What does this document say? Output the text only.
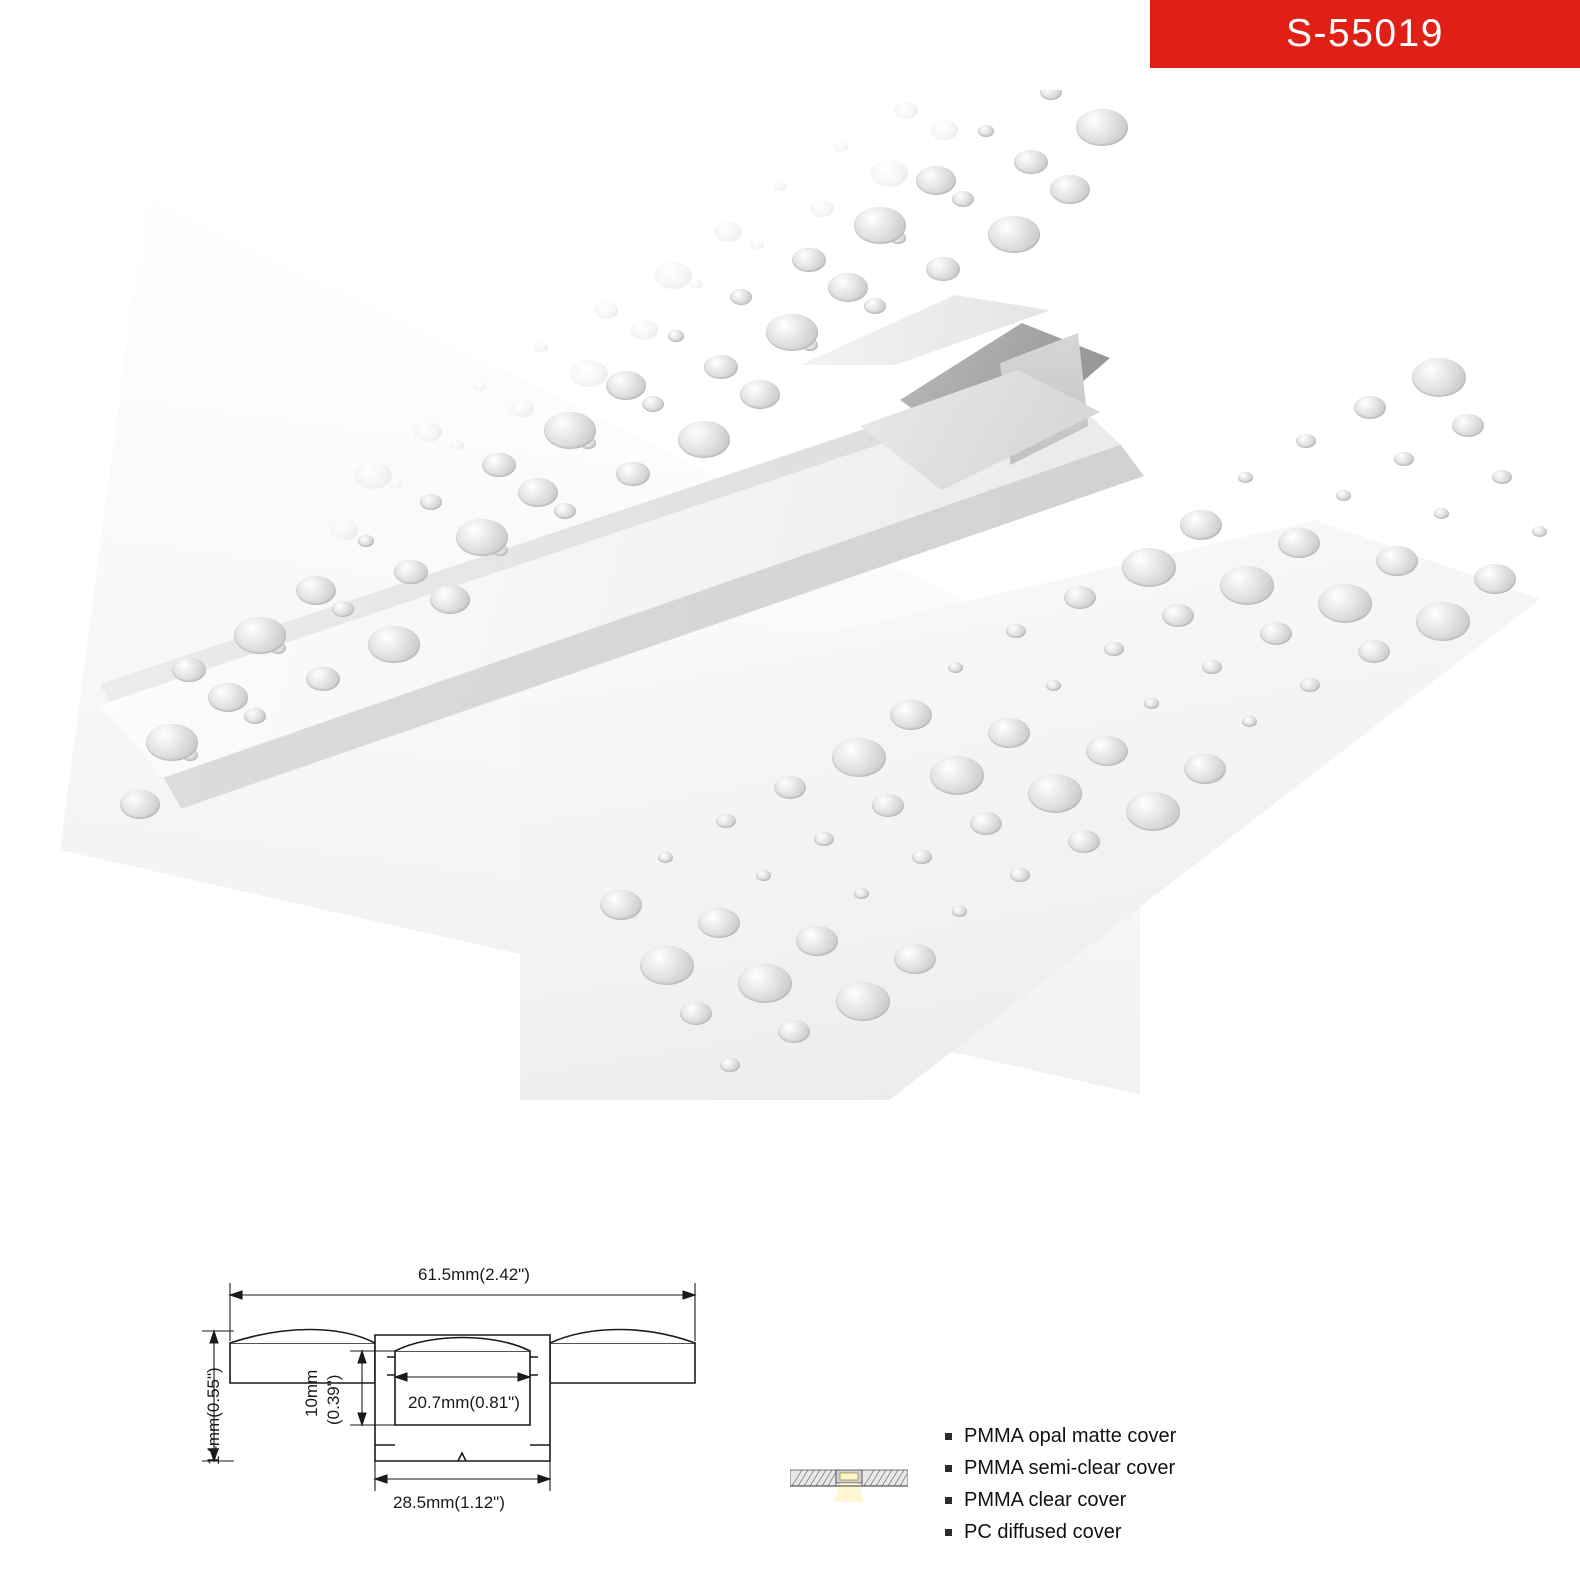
S-55019
61.5mm(2.42")
28.5mm(1.12")
20.7mm(0.81")
14mm(0.55")	10mm (0.39")
PMMA opal matte cover
PMMA semi-clear cover
PMMA clear cover
PC diffused cover
